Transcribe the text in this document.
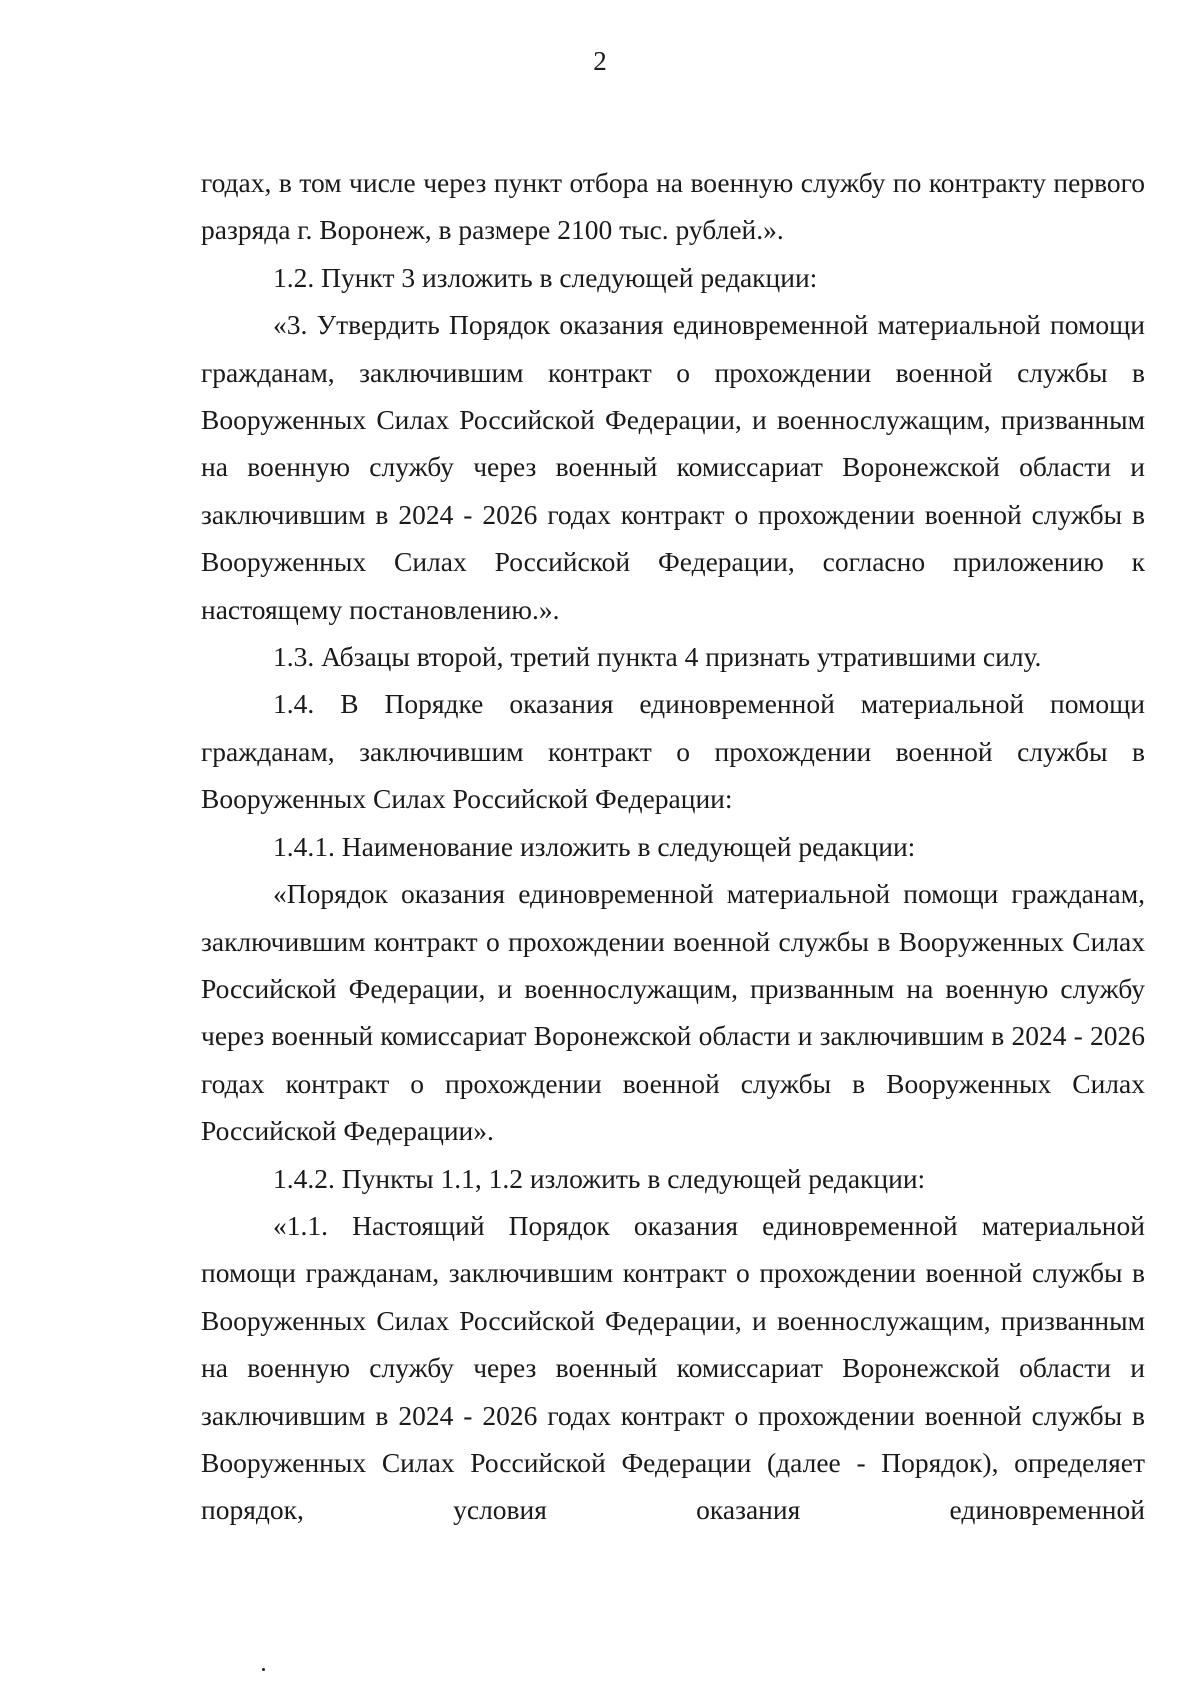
2

годах, в том числе через пункт отбора на военную службу по контракту первого разряда г. Воронеж, в размере 2100 тыс. рублей.».

1.2. Пункт 3 изложить в следующей редакции:

«3. Утвердить Порядок оказания единовременной материальной помощи гражданам, заключившим контракт о прохождении военной службы в Вооруженных Силах Российской Федерации, и военнослужащим, призванным на военную службу через военный комиссариат Воронежской области и заключившим в 2024 - 2026 годах контракт о прохождении военной службы в Вооруженных Силах Российской Федерации, согласно приложению к настоящему постановлению.».

1.3. Абзацы второй, третий пункта 4 признать утратившими силу.

1.4. В Порядке оказания единовременной материальной помощи гражданам, заключившим контракт о прохождении военной службы в Вооруженных Силах Российской Федерации:

1.4.1. Наименование изложить в следующей редакции:

«Порядок оказания единовременной материальной помощи гражданам, заключившим контракт о прохождении военной службы в Вооруженных Силах Российской Федерации, и военнослужащим, призванным на военную службу через военный комиссариат Воронежской области и заключившим в 2024 - 2026 годах контракт о прохождении военной службы в Вооруженных Силах Российской Федерации».

1.4.2. Пункты 1.1, 1.2 изложить в следующей редакции:

«1.1. Настоящий Порядок оказания единовременной материальной помощи гражданам, заключившим контракт о прохождении военной службы в Вооруженных Силах Российской Федерации, и военнослужащим, призванным на военную службу через военный комиссариат Воронежской области и заключившим в 2024 - 2026 годах контракт о прохождении военной службы в Вооруженных Силах Российской Федерации (далее - Порядок), определяет порядок, условия оказания единовременной
